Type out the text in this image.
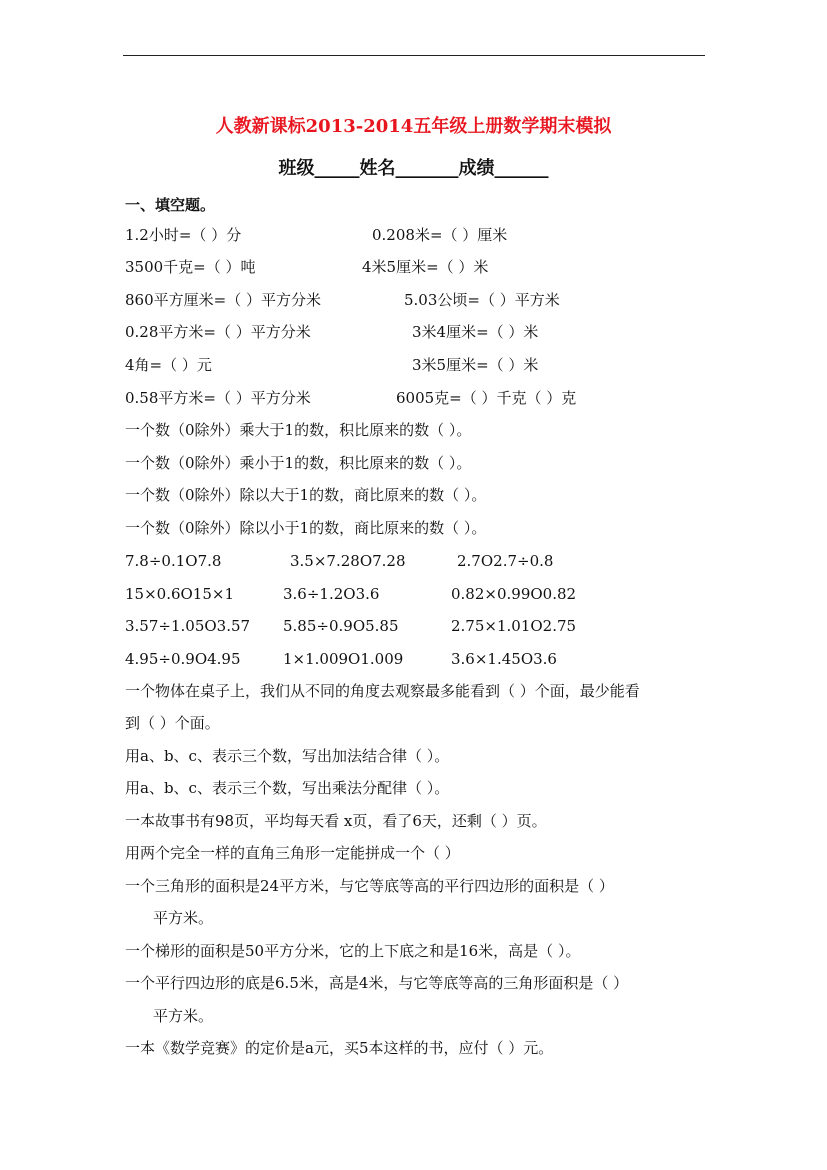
人教新课标2013-2014五年级上册数学期末模拟
班级_____姓名_______成绩______
一、填空题。
1.2小时=（ ）分	0.208米=（ ）厘米
3500千克=（ ）吨	4米5厘米=（ ）米
860平方厘米=（ ）平方分米	5.03公顷=（ ）平方米
0.28平方米=（ ）平方分米	3米4厘米=（ ）米
4角=（ ）元	3米5厘米=（ ）米
0.58平方米=（ ）平方分米	6005克=（ ）千克（ ）克
一个数（0除外）乘大于1的数，积比原来的数（ ）。
一个数（0除外）乘小于1的数，积比原来的数（ ）。
一个数（0除外）除以大于1的数，商比原来的数（ ）。
一个数（0除外）除以小于1的数，商比原来的数（ ）。
7.8÷0.1O7.8	3.5×7.28O7.28	2.7O2.7÷0.8
15×0.6O15×1	3.6÷1.2O3.6	0.82×0.99O0.82
3.57÷1.05O3.57 5.85÷0.9O5.85	2.75×1.01O2.75
4.95÷0.9O4.95	1×1.009O1.009	3.6×1.45O3.6
一个物体在桌子上，我们从不同的角度去观察最多能看到（ ）个面，最少能看
到（ ）个面。
用a、b、c、表示三个数，写出加法结合律（ ）。
用a、b、c、表示三个数，写出乘法分配律（ ）。
一本故事书有98页，平均每天看 x页，看了6天，还剩（ ）页。
用两个完全一样的直角三角形一定能拼成一个（ ）
一个三角形的面积是24平方米，与它等底等高的平行四边形的面积是（ ）
平方米。
一个梯形的面积是50平方分米，它的上下底之和是16米，高是（ ）。
一个平行四边形的底是6.5米，高是4米，与它等底等高的三角形面积是（ ）
平方米。
一本《数学竞赛》的定价是a元，买5本这样的书，应付（ ）元。
